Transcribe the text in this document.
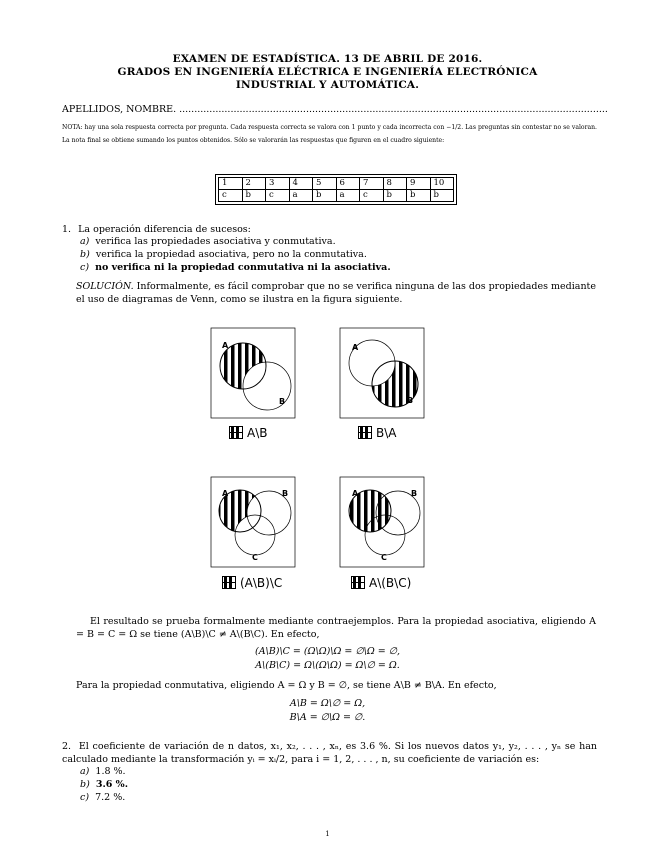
EXAMEN DE ESTADÍSTICA. 13 DE ABRIL DE 2016.
GRADOS EN INGENIERÍA ELÉCTRICA E INGENIERÍA ELECTRÓNICA
INDUSTRIAL Y AUTOMÁTICA.
APELLIDOS, NOMBRE. ..............................................................................................................................................
NOTA: hay una sola respuesta correcta por pregunta. Cada respuesta correcta se valora con 1 punto y cada incorrecta con −1/2. Las preguntas sin contestar no se valoran. La nota final se obtiene sumando los puntos obtenidos. Sólo se valorarán las respuestas que figuren en el cuadro siguiente:
1	2	3	4	5	6	7	8	9	10
c	b	c	a	b	a	c	b	b	b
1. La operación diferencia de sucesos:
a) verifica las propiedades asociativa y conmutativa.
b) verifica la propiedad asociativa, pero no la conmutativa.
c) no verifica ni la propiedad conmutativa ni la asociativa.
SOLUCIÓN. Informalmente, es fácil comprobar que no se verifica ninguna de las dos propiedades mediante el uso de diagramas de Venn, como se ilustra en la figura siguiente.
A
B
A
B
A	B
C
A	B
C
A\B	B\A
(A\B)\C	A\(B\C)
El resultado se prueba formalmente mediante contraejemplos. Para la propiedad asociativa, eligiendo A = B = C = Ω se tiene (A\B)\C ≠ A\(B\C). En efecto,
(A\B)\C = (Ω\Ω)\Ω = ∅\Ω = ∅,
A\(B\C) = Ω\(Ω\Ω) = Ω\∅ = Ω.
Para la propiedad conmutativa, eligiendo A = Ω y B = ∅, se tiene A\B ≠ B\A. En efecto,
A\B = Ω\∅ = Ω,
B\A = ∅\Ω = ∅.
2. El coeficiente de variación de n datos, x₁, x₂, . . . , xₙ, es 3.6 %. Si los nuevos datos y₁, y₂, . . . , yₙ se han calculado mediante la transformación yᵢ = xᵢ/2, para i = 1, 2, . . . , n, su coeficiente de variación es:
a) 1.8 %.
b) 3.6 %.
c) 7.2 %.
1
